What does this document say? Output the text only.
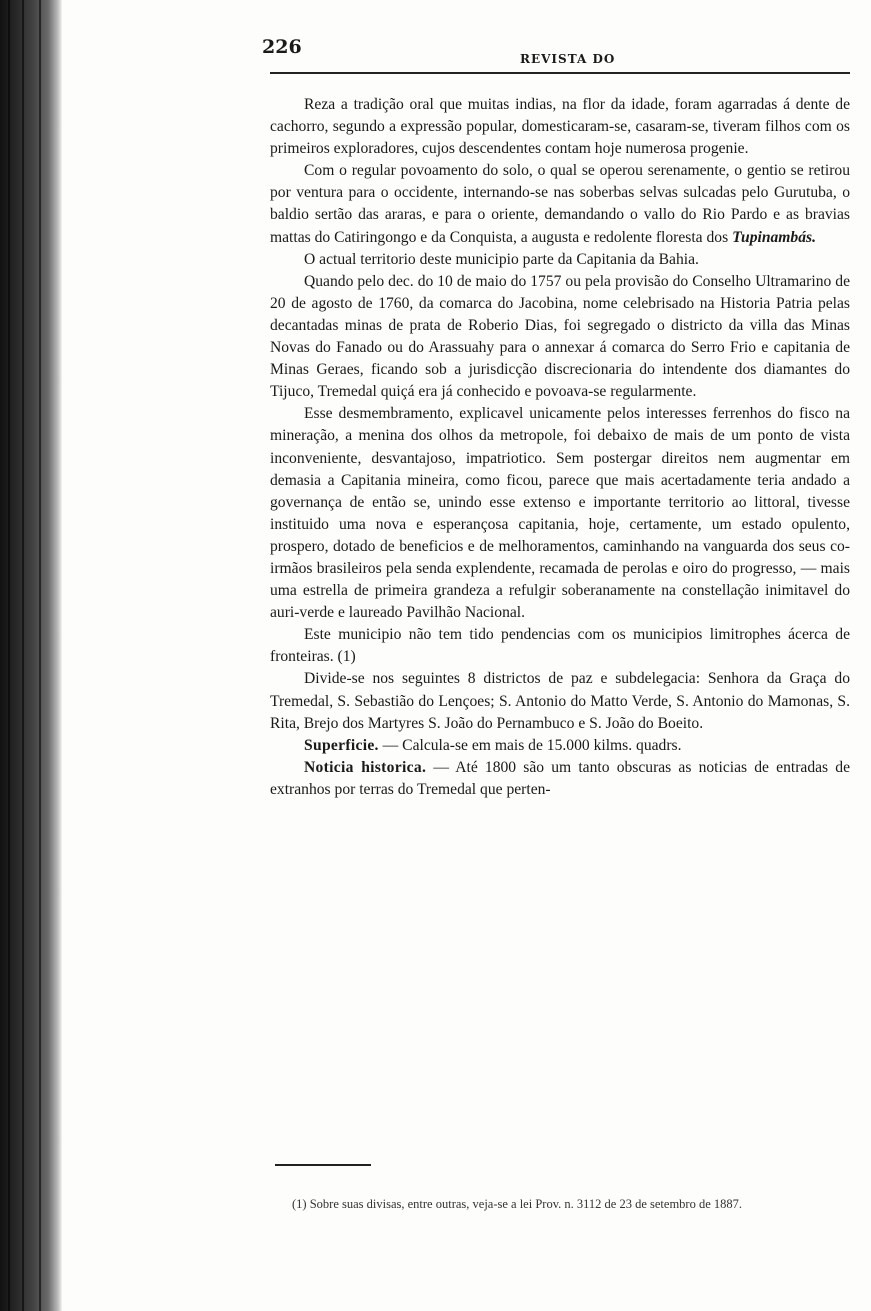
226
REVISTA DO

Reza a tradição oral que muitas indias, na flor da idade, foram agarradas á dente de cachorro, segundo a expressão popular, domesticaram-se, casaram-se, tiveram filhos com os primeiros exploradores, cujos descendentes contam hoje numerosa progenie.

Com o regular povoamento do solo, o qual se operou serenamente, o gentio se retirou por ventura para o occidente, internando-se nas soberbas selvas sulcadas pelo Gurutuba, o baldio sertão das araras, e para o oriente, demandando o vallo do Rio Pardo e as bravias mattas do Catiringongo e da Conquista, a augusta e redolente floresta dos Tupinambás.

O actual territorio deste municipio parte da Capitania da Bahia.

Quando pelo dec. do 10 de maio do 1757 ou pela provisão do Conselho Ultramarino de 20 de agosto de 1760, da comarca do Jacobina, nome celebrisado na Historia Patria pelas decantadas minas de prata de Roberio Dias, foi segregado o districto da villa das Minas Novas do Fanado ou do Arassuahy para o annexar á comarca do Serro Frio e capitania de Minas Geraes, ficando sob a jurisdicção discrecionaria do intendente dos diamantes do Tijuco, Tremedal quiçá era já conhecido e povoava-se regularmente.

Esse desmembramento, explicavel unicamente pelos interesses ferrenhos do fisco na mineração, a menina dos olhos da metropole, foi debaixo de mais de um ponto de vista inconveniente, desvantajoso, impatriotico. Sem postergar direitos nem augmentar em demasia a Capitania mineira, como ficou, parece que mais acertadamente teria andado a governança de então se, unindo esse extenso e importante territorio ao littoral, tivesse instituido uma nova e esperançosa capitania, hoje, certamente, um estado opulento, prospero, dotado de beneficios e de melhoramentos, caminhando na vanguarda dos seus co-irmãos brasileiros pela senda explendente, recamada de perolas e oiro do progresso, — mais uma estrella de primeira grandeza a refulgir soberanamente na constellação inimitavel do auri-verde e laureado Pavilhão Nacional.

Este municipio não tem tido pendencias com os municipios limitrophes ácerca de fronteiras. (1)

Divide-se nos seguintes 8 districtos de paz e subdelegacia: Senhora da Graça do Tremedal, S. Sebastião do Lençoes; S. Antonio do Matto Verde, S. Antonio do Mamonas, S. Rita, Brejo dos Martyres S. João do Pernambuco e S. João do Boeito.

Superficie. — Calcula-se em mais de 15.000 kilms. quadrs.

Noticia historica. — Até 1800 são um tanto obscuras as noticias de entradas de extranhos por terras do Tremedal que perten-

(1) Sobre suas divisas, entre outras, veja-se a lei Prov. n. 3112 de 23 de setembro de 1887.
